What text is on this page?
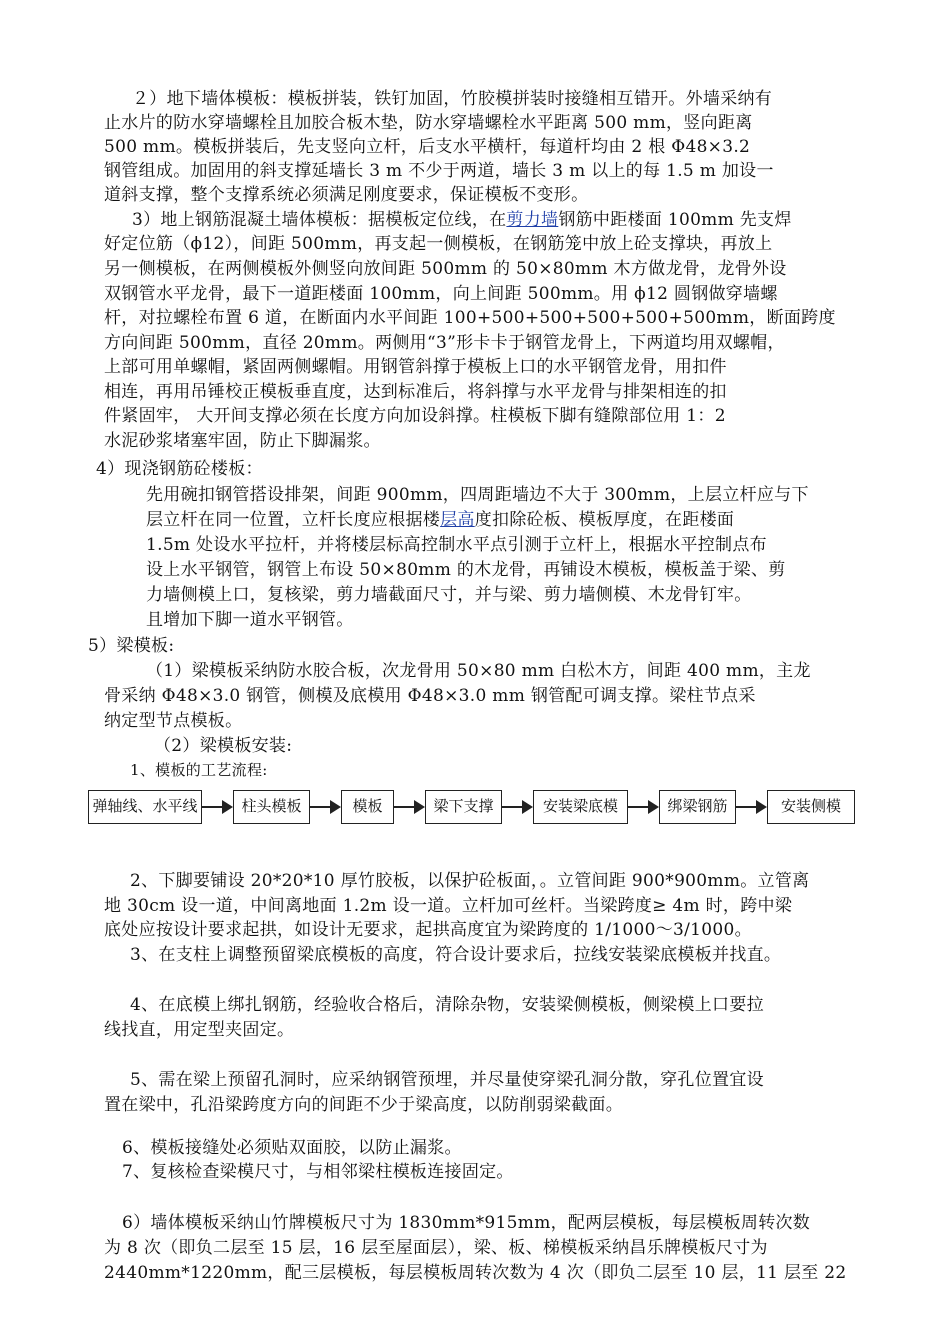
２）地下墙体模板：模板拼装，铁钉加固，竹胶模拼装时接缝相互错开。外墙采纳有
止水片的防水穿墙螺栓且加胶合板木垫，防水穿墙螺栓水平距离 500 mm，竖向距离
500 mm。模板拼装后，先支竖向立杆，后支水平横杆，每道杆均由 2 根 Φ48×3.2
钢管组成。加固用的斜支撑延墙长 3 m 不少于两道，墙长 3 m 以上的每 1.5 m 加设一
道斜支撑，整个支撑系统必须满足刚度要求，保证模板不变形。
3）地上钢筋混凝土墙体模板：据模板定位线，在剪力墙钢筋中距楼面 100mm 先支焊
好定位筋（ϕ12），间距 500mm，再支起一侧模板，在钢筋笼中放上砼支撑块，再放上
另一侧模板，在两侧模板外侧竖向放间距 500mm 的 50×80mm 木方做龙骨，龙骨外设
双钢管水平龙骨，最下一道距楼面 100mm，向上间距 500mm。用 ϕ12 圆钢做穿墙螺
杆，对拉螺栓布置 6 道，在断面内水平间距 100+500+500+500+500+500mm，断面跨度
方向间距 500mm，直径 20mm。两侧用“3”形卡卡于钢管龙骨上，下两道均用双螺帽，
上部可用单螺帽，紧固两侧螺帽。用钢管斜撑于模板上口的水平钢管龙骨，用扣件
相连，再用吊锤校正模板垂直度，达到标准后，将斜撑与水平龙骨与排架相连的扣
件紧固牢， 大开间支撑必须在长度方向加设斜撑。柱模板下脚有缝隙部位用 1：2
水泥砂浆堵塞牢固，防止下脚漏浆。
4）现浇钢筋砼楼板：
先用碗扣钢管搭设排架，间距 900mm，四周距墙边不大于 300mm，上层立杆应与下
层立杆在同一位置，立杆长度应根据楼层高度扣除砼板、模板厚度，在距楼面
1.5m 处设水平拉杆，并将楼层标高控制水平点引测于立杆上，根据水平控制点布
设上水平钢管，钢管上布设 50×80mm 的木龙骨，再铺设木模板，模板盖于梁、剪
力墙侧模上口，复核梁，剪力墙截面尺寸，并与梁、剪力墙侧模、木龙骨钉牢。
且增加下脚一道水平钢管。
5）梁模板:
（1）梁模板采纳防水胶合板，次龙骨用 50×80 mm 白松木方，间距 400 mm，主龙
骨采纳 Φ48×3.0 钢管，侧模及底模用 Φ48×3.0 mm 钢管配可调支撑。梁柱节点采
纳定型节点模板。
（2）梁模板安装:
1、模板的工艺流程:
弹轴线、水平线	柱头模板	模板	梁下支撑	安装梁底模	绑梁钢筋	安装侧模
2、下脚要铺设 20*20*10 厚竹胶板，以保护砼板面，。立管间距 900*900mm。立管离
地 30cm 设一道，中间离地面 1.2m 设一道。立杆加可丝杆。当梁跨度≥ 4m 时，跨中梁
底处应按设计要求起拱，如设计无要求，起拱高度宜为梁跨度的 1/1000～3/1000。
3、在支柱上调整预留梁底模板的高度，符合设计要求后，拉线安装梁底模板并找直。
4、在底模上绑扎钢筋，经验收合格后，清除杂物，安装梁侧模板，侧梁模上口要拉
线找直，用定型夹固定。
5、需在梁上预留孔洞时，应采纳钢管预埋，并尽量使穿梁孔洞分散，穿孔位置宜设
置在梁中，孔沿梁跨度方向的间距不少于梁高度，以防削弱梁截面。
6、模板接缝处必须贴双面胶，以防止漏浆。
7、复核检查梁模尺寸，与相邻梁柱模板连接固定。
6）墙体模板采纳山竹牌模板尺寸为 1830mm*915mm，配两层模板，每层模板周转次数
为 8 次（即负二层至 15 层，16 层至屋面层），梁、板、梯模板采纳昌乐牌模板尺寸为
2440mm*1220mm，配三层模板，每层模板周转次数为 4 次（即负二层至 10 层，11 层至 22
